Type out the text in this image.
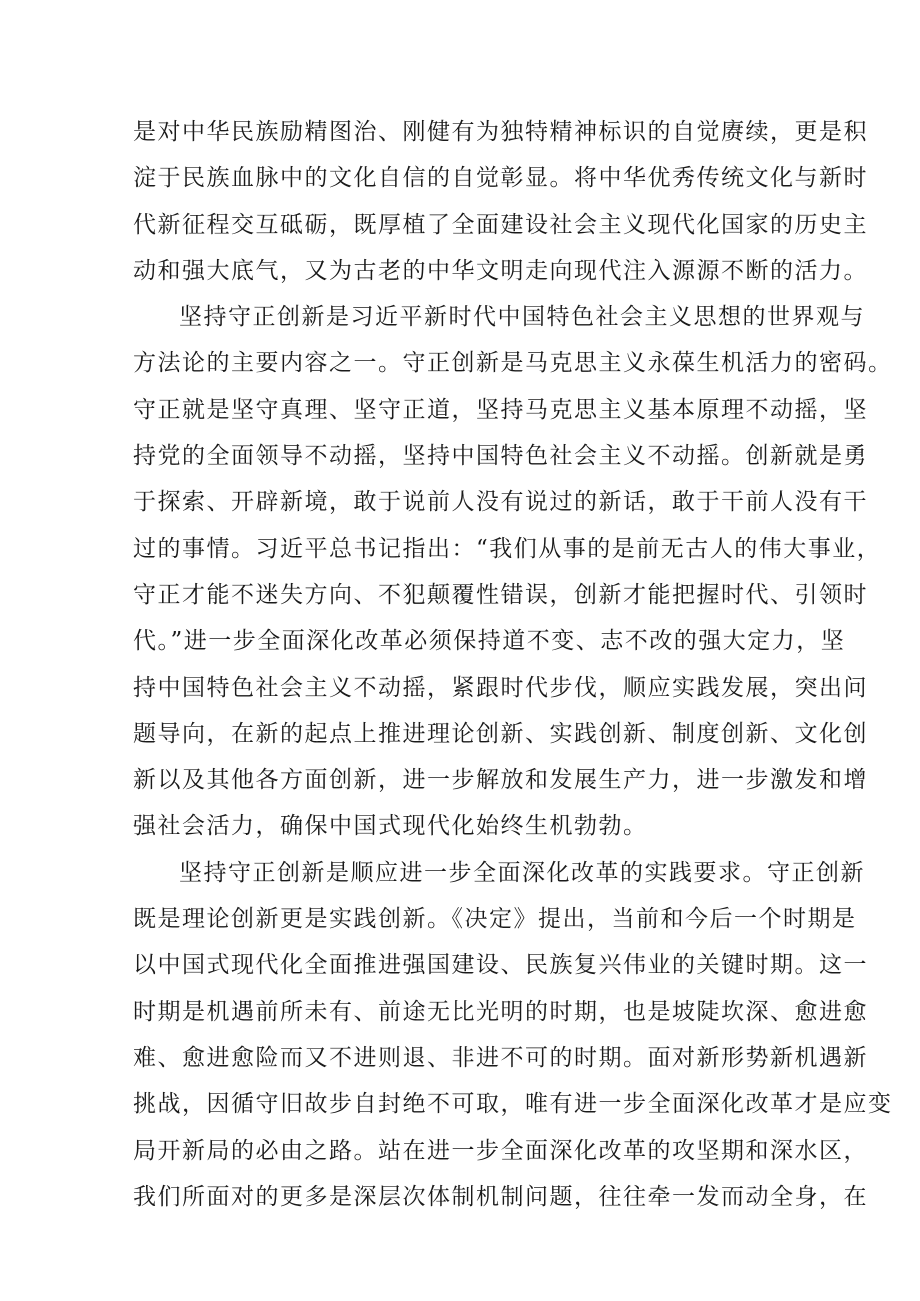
是对中华民族励精图治、刚健有为独特精神标识的自觉赓续，更是积
淀于民族血脉中的文化自信的自觉彰显。将中华优秀传统文化与新时
代新征程交互砥砺，既厚植了全面建设社会主义现代化国家的历史主
动和强大底气，又为古老的中华文明走向现代注入源源不断的活力。
坚持守正创新是习近平新时代中国特色社会主义思想的世界观与
方法论的主要内容之一。守正创新是马克思主义永葆生机活力的密码。
守正就是坚守真理、坚守正道，坚持马克思主义基本原理不动摇，坚
持党的全面领导不动摇，坚持中国特色社会主义不动摇。创新就是勇
于探索、开辟新境，敢于说前人没有说过的新话，敢于干前人没有干
过的事情。习近平总书记指出：“我们从事的是前无古人的伟大事业，
守正才能不迷失方向、不犯颠覆性错误，创新才能把握时代、引领时
代。”进一步全面深化改革必须保持道不变、志不改的强大定力，坚
持中国特色社会主义不动摇，紧跟时代步伐，顺应实践发展，突出问
题导向，在新的起点上推进理论创新、实践创新、制度创新、文化创
新以及其他各方面创新，进一步解放和发展生产力，进一步激发和增
强社会活力，确保中国式现代化始终生机勃勃。
坚持守正创新是顺应进一步全面深化改革的实践要求。守正创新
既是理论创新更是实践创新。《决定》提出，当前和今后一个时期是
以中国式现代化全面推进强国建设、民族复兴伟业的关键时期。这一
时期是机遇前所未有、前途无比光明的时期，也是坡陡坎深、愈进愈
难、愈进愈险而又不进则退、非进不可的时期。面对新形势新机遇新
挑战，因循守旧故步自封绝不可取，唯有进一步全面深化改革才是应变
局开新局的必由之路。站在进一步全面深化改革的攻坚期和深水区，
我们所面对的更多是深层次体制机制问题，往往牵一发而动全身，在
